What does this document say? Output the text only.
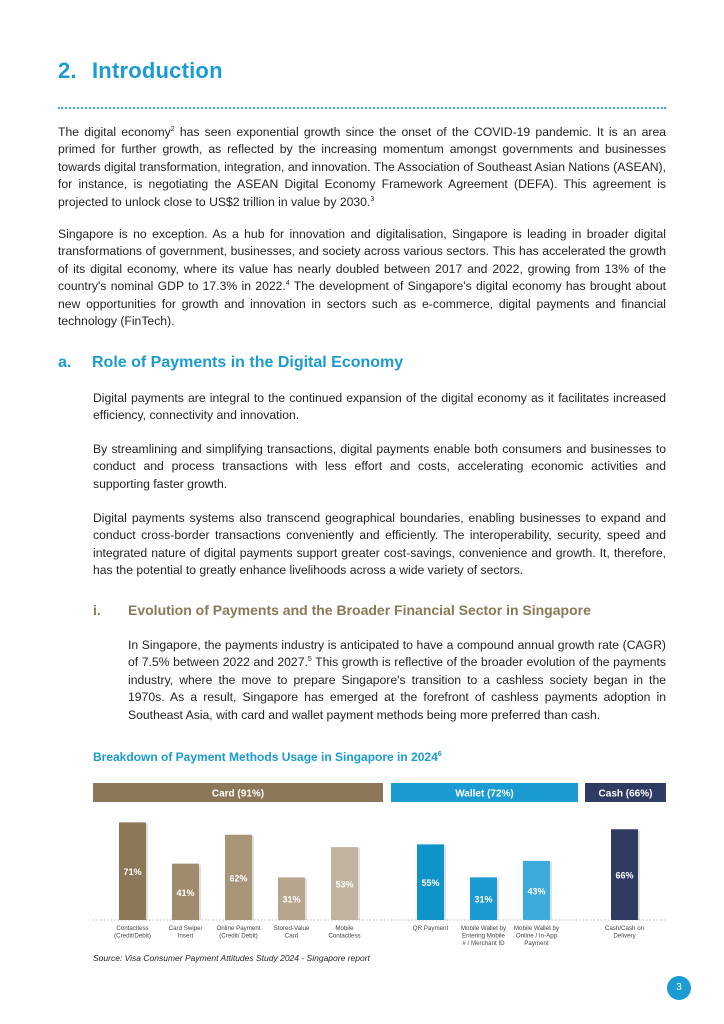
2. Introduction

The digital economy$^2$ has seen exponential growth since the onset of the COVID-19 pandemic. It is an area primed for further growth, as reflected by the increasing momentum amongst governments and businesses towards digital transformation, integration, and innovation. The Association of Southeast Asian Nations (ASEAN), for instance, is negotiating the ASEAN Digital Economy Framework Agreement (DEFA). This agreement is projected to unlock close to US$2 trillion in value by 2030.$^3$

Singapore is no exception. As a hub for innovation and digitalisation, Singapore is leading in broader digital transformations of government, businesses, and society across various sectors. This has accelerated the growth of its digital economy, where its value has nearly doubled between 2017 and 2022, growing from 13% of the country's nominal GDP to 17.3% in 2022.$^4$ The development of Singapore's digital economy has brought about new opportunities for growth and innovation in sectors such as e-commerce, digital payments and financial technology (FinTech).

a. Role of Payments in the Digital Economy

Digital payments are integral to the continued expansion of the digital economy as it facilitates increased efficiency, connectivity and innovation.

By streamlining and simplifying transactions, digital payments enable both consumers and businesses to conduct and process transactions with less effort and costs, accelerating economic activities and supporting faster growth.

Digital payments systems also transcend geographical boundaries, enabling businesses to expand and conduct cross-border transactions conveniently and efficiently. The interoperability, security, speed and integrated nature of digital payments support greater cost-savings, convenience and growth. It, therefore, has the potential to greatly enhance livelihoods across a wide variety of sectors.

i. Evolution of Payments and the Broader Financial Sector in Singapore

In Singapore, the payments industry is anticipated to have a compound annual growth rate (CAGR) of 7.5% between 2022 and 2027.$^5$ This growth is reflective of the broader evolution of the payments industry, where the move to prepare Singapore's transition to a cashless society began in the 1970s. As a result, Singapore has emerged at the forefront of cashless payments adoption in Southeast Asia, with card and wallet payment methods being more preferred than cash.

Breakdown of Payment Methods Usage in Singapore in 2024$^6$

Card (91%)
71%
Contactless
(Credit/Debit)
41%
Card Swipe/
Insert
62%
Online Payment
(Credit/ Debit)
31%
Stored-Value
Card
53%
Mobile
Contactless
Wallet (72%)
55%
QR Payment
31%
Mobile Wallet by
Entering Mobile
# / Merchant ID
43%
Mobile Wallet by
Online / In-App
Payment
Cash (66%)
66%
Cash/Cash on
Delivery

Source: Visa Consumer Payment Attitudes Study 2024 - Singapore report

3
